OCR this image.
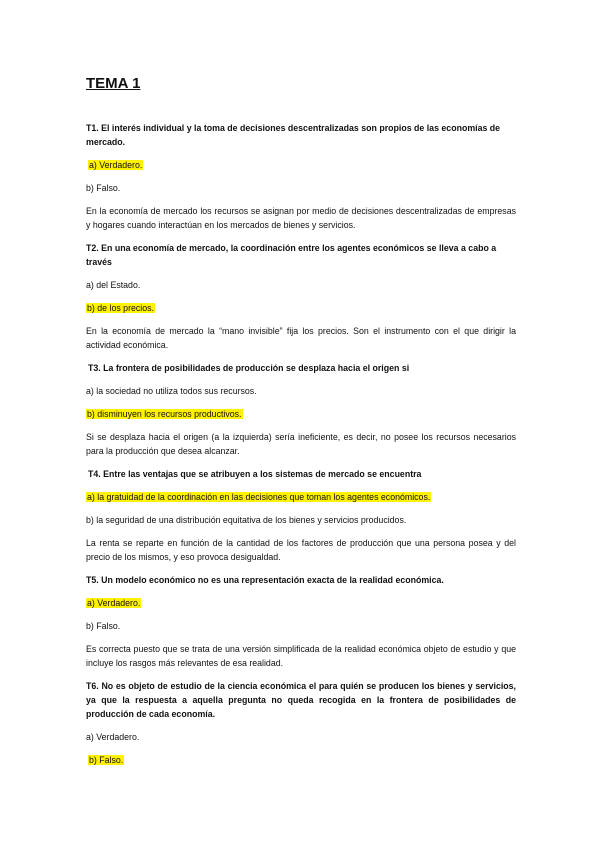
TEMA 1

T1. El interés individual y la toma de decisiones descentralizadas son propios de las economías de mercado.

a) Verdadero.

b) Falso.

En la economía de mercado los recursos se asignan por medio de decisiones descentralizadas de empresas y hogares cuando interactúan en los mercados de bienes y servicios.

T2. En una economía de mercado, la coordinación entre los agentes económicos se lleva a cabo a través

a) del Estado.

b) de los precios.

En la economía de mercado la “mano invisible” fija los precios. Son el instrumento con el que dirigir la actividad económica.

T3. La frontera de posibilidades de producción se desplaza hacia el origen si

a) la sociedad no utiliza todos sus recursos.

b) disminuyen los recursos productivos.

Si se desplaza hacia el origen (a la izquierda) sería ineficiente, es decir, no posee los recursos necesarios para la producción que desea alcanzar.

T4. Entre las ventajas que se atribuyen a los sistemas de mercado se encuentra

a) la gratuidad de la coordinación en las decisiones que toman los agentes económicos.

b) la seguridad de una distribución equitativa de los bienes y servicios producidos.

La renta se reparte en función de la cantidad de los factores de producción que una persona posea y del precio de los mismos, y eso provoca desigualdad.

T5. Un modelo económico no es una representación exacta de la realidad económica.

a) Verdadero.

b) Falso.

Es correcta puesto que se trata de una versión simplificada de la realidad económica objeto de estudio y que incluye los rasgos más relevantes de esa realidad.

T6. No es objeto de estudio de la ciencia económica el para quién se producen los bienes y servicios, ya que la respuesta a aquella pregunta no queda recogida en la frontera de posibilidades de producción de cada economía.

a) Verdadero.

b) Falso.
